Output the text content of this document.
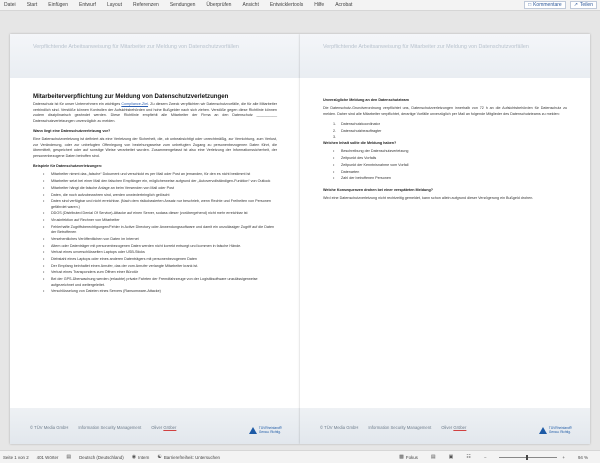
Datei Start Einfügen Entwurf Layout Referenzen Sendungen Überprüfen Ansicht Entwicklertools Hilfe Acrobat	□ Kommentare ↗ Teilen
Verpflichtende Arbeitsanweisung für Mitarbeiter zur Meldung von Datenschutzvorfällen
Mitarbeiterverpflichtung zur Meldung von Datenschutzverletzungen
Datenschutz ist für unser Unternehmen ein wichtiges Compliance-Ziel. Zu diesem Zweck verpflichten wir Datenschutzvorfälle, die für alle Mitarbeiter verbindlich sind. Verstöße können Kontrollen der Aufsichtsbehörden und hohe Bußgelder nach sich ziehen. Verstöße gegen diese Richtlinie können zudem disziplinarisch geahndet werden. Diese Richtlinie empfiehlt alle Mitarbeiter der Firma an den Datenschutz __________ Datenschutzverletzungen unverzüglich zu melden.
Wann liegt eine Datenschutzverletzung vor?
Eine Datenschutzverletzung ist definiert als eine Verletzung der Sicherheit, die, ob unbeabsichtigt oder unrechtmäßig, zur Vernichtung, zum Verlust, zur Veränderung, oder zur unbefugten Offenlegung von beziehungsweise zum unbefugten Zugang zu personenbezogenen Daten führt, die übermittelt, gespeichert oder auf sonstige Weise verarbeitet wurden. Zusammengefasst ist also eine Verletzung der Informationssicherheit, der personenbezogene Daten betroffen sind.
Beispiele für Datenschutzverletzungen:
• Mitarbeiter nimmt das „falsche“ Dokument und verschickt es per Mail oder Post an jemanden, für den es nicht bestimmt ist
• Mitarbeiter setzt bei einer Mail den falschen Empfänger ein, möglicherweise aufgrund der „Autovervollständigen-Funktion“ von Outlook
• Mitarbeiter hängt die falsche Anlage an beim Versenden von Mail oder Post
• Daten, die noch aufzubewahren sind, werden unwiederbringlich gelöscht
• Daten sind verfügbar und nicht erreichbar. (Nach dem risikobasierten Ansatz nur beschrieb, wenn Rechte und Freiheiten von Personen gefährdet waren.)
• DDOS (Distributed Denial Of Service)-Attacke auf einen Server, sodass dieser (vorübergehend) nicht mehr erreichbar ist
• Virusinfektion auf Rechner von Mitarbeiter
• Fehlerhafte Zugriffsberechtigungen/Fehler in Active Directory oder Anwendungssoftware und damit ein unzulässiger Zugriff auf die Daten der Betroffenen
• Versehentliches Veröffentlichen von Daten im Internet
• Altem oder Datenträger mit personenbezogenen Daten werden nicht korrekt entsorgt und kommen in falsche Hände.
• Verlust eines unverschlüsselten Laptops oder USB-Sticks
• Diebstahl eines Laptops oder eines anderen Datenträgers mit personenbezogenen Daten
• Der Empfang beinhaltet einen Anrufer, das der vom Anrufer verlangte Mitarbeiter krank ist.
• Verlust eines Transponders zum Öffnen einer Bürotür
• Bei der GPS-Überwachung werden (erlaubte) private Fahrten der Fremdfahrzeuge von der Logistiksoftware unzulässigerweise aufgezeichnet und weitergeleitet.
• Verschlüsselung von Dateien eines Servers (Ransomware-Attacke)
© TÜV Media GmbH Information Security Management Oliver Gröber	TÜVRheinland®
Genau. Richtig.
Verpflichtende Arbeitsanweisung für Mitarbeiter zur Meldung von Datenschutzvorfällen
Unverzügliche Meldung an den Datenschutzteam
Die Datenschutz-Grundverordnung verpflichtet uns, Datenschutzverletzungen innerhalb von 72 h an die Aufsichtsbehörden für Datenschutz zu melden. Daher sind alle Mitarbeiter verpflichtet, derartige Vorfälle unverzüglich per Mail an folgende Mitglieder des Datenschutzteams zu melden:
1. Datenschutzkoordinator
2. Datenschutzbeauftragter
3.
Welchen Inhalt sollte die Meldung haben?
• Beschreibung der Datenschutzverletzung
• Zeitpunkt des Vorfalls
• Zeitpunkt der Kenntnisnahme vom Vorfall
• Datenarten
• Zahl der betroffenen Personen
Welche Konsequenzen drohen bei einer verspäteten Meldung?
Wird eine Datenschutzverletzung nicht rechtzeitig gemeldet, kann schon allein aufgrund dieser Verzögerung ein Bußgeld drohen.
© TÜV Media GmbH Information Security Management Oliver Gröber	TÜVRheinland®
Genau. Richtig.
Seite 1 von 2 401 Wörter ▤ Deutsch (Deutschland) ◉ Intern ☯ Barrierefreiheit: Untersuchen	▩ Fokus	▤	▣	☷	−	+	94 %
